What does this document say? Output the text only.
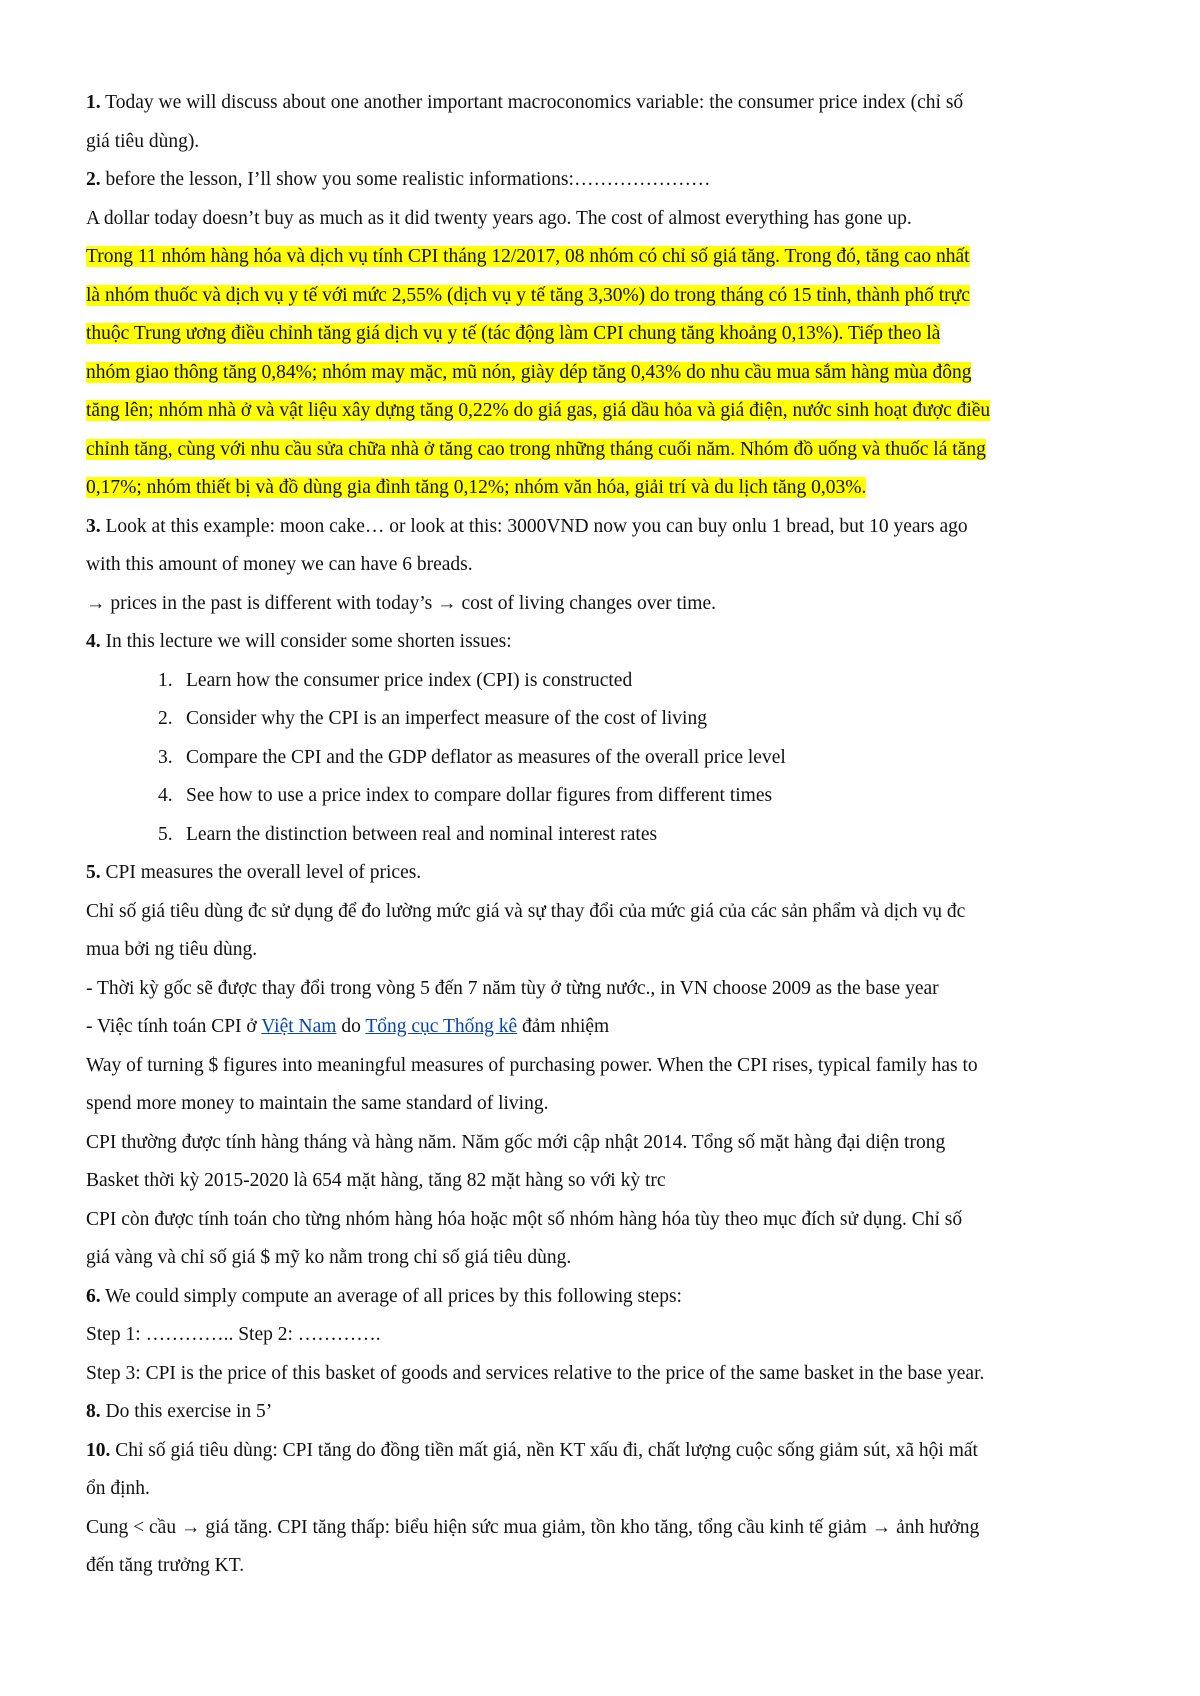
1. Today we will discuss about one another important macroconomics variable: the consumer price index (chỉ số
giá tiêu dùng).
2. before the lesson, I’ll show you some realistic informations:…………………
A dollar today doesn’t buy as much as it did twenty years ago. The cost of almost everything has gone up.
Trong 11 nhóm hàng hóa và dịch vụ tính CPI tháng 12/2017, 08 nhóm có chỉ số giá tăng. Trong đó, tăng cao nhất
là nhóm thuốc và dịch vụ y tế với mức 2,55% (dịch vụ y tế tăng 3,30%) do trong tháng có 15 tỉnh, thành phố trực
thuộc Trung ương điều chỉnh tăng giá dịch vụ y tế (tác động làm CPI chung tăng khoảng 0,13%). Tiếp theo là
nhóm giao thông tăng 0,84%; nhóm may mặc, mũ nón, giày dép tăng 0,43% do nhu cầu mua sắm hàng mùa đông
tăng lên; nhóm nhà ở và vật liệu xây dựng tăng 0,22% do giá gas, giá dầu hỏa và giá điện, nước sinh hoạt được điều
chỉnh tăng, cùng với nhu cầu sửa chữa nhà ở tăng cao trong những tháng cuối năm. Nhóm đồ uống và thuốc lá tăng
0,17%; nhóm thiết bị và đồ dùng gia đình tăng 0,12%; nhóm văn hóa, giải trí và du lịch tăng 0,03%.
3. Look at this example: moon cake… or look at this: 3000VND now you can buy onlu 1 bread, but 10 years ago
with this amount of money we can have 6 breads.
→ prices in the past is different with today’s → cost of living changes over time.
4. In this lecture we will consider some shorten issues:
1. Learn how the consumer price index (CPI) is constructed
2. Consider why the CPI is an imperfect measure of the cost of living
3. Compare the CPI and the GDP deflator as measures of the overall price level
4. See how to use a price index to compare dollar figures from different times
5. Learn the distinction between real and nominal interest rates
5. CPI measures the overall level of prices.
Chỉ số giá tiêu dùng đc sử dụng để đo lường mức giá và sự thay đổi của mức giá của các sản phẩm và dịch vụ đc
mua bởi ng tiêu dùng.
- Thời kỳ gốc sẽ được thay đổi trong vòng 5 đến 7 năm tùy ở từng nước., in VN choose 2009 as the base year
- Việc tính toán CPI ở Việt Nam do Tổng cục Thống kê đảm nhiệm
Way of turning $ figures into meaningful measures of purchasing power. When the CPI rises, typical family has to
spend more money to maintain the same standard of living.
CPI thường được tính hàng tháng và hàng năm. Năm gốc mới cập nhật 2014. Tổng số mặt hàng đại diện trong
Basket thời kỳ 2015-2020 là 654 mặt hàng, tăng 82 mặt hàng so với kỳ trc
CPI còn được tính toán cho từng nhóm hàng hóa hoặc một số nhóm hàng hóa tùy theo mục đích sử dụng. Chỉ số
giá vàng và chỉ số giá $ mỹ ko nằm trong chỉ số giá tiêu dùng.
6. We could simply compute an average of all prices by this following steps:
Step 1: ………….. Step 2: ………….
Step 3: CPI is the price of this basket of goods and services relative to the price of the same basket in the base year.
8. Do this exercise in 5’
10. Chỉ số giá tiêu dùng: CPI tăng do đồng tiền mất giá, nền KT xấu đi, chất lượng cuộc sống giảm sút, xã hội mất
ổn định.
Cung < cầu → giá tăng. CPI tăng thấp: biểu hiện sức mua giảm, tồn kho tăng, tổng cầu kinh tế giảm → ảnh hưởng
đến tăng trưởng KT.
